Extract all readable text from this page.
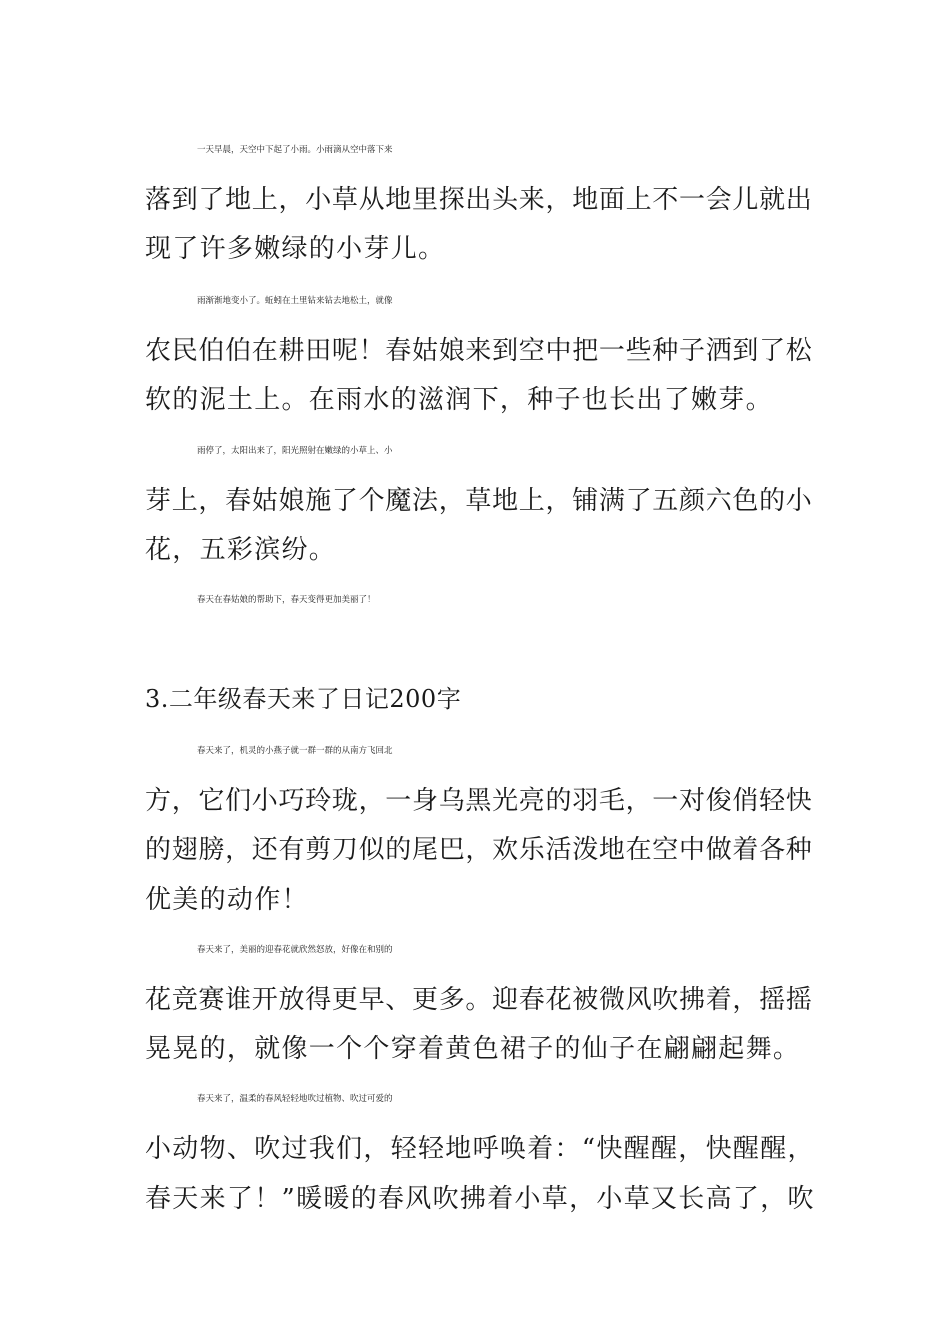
一天早晨，天空中下起了小雨。小雨滴从空中落下来
落到了地上，小草从地里探出头来，地面上不一会儿就出
现了许多嫩绿的小芽儿。
雨渐渐地变小了。蚯蚓在土里钻来钻去地松土，就像
农民伯伯在耕田呢！春姑娘来到空中把一些种子洒到了松
软的泥土上。在雨水的滋润下，种子也长出了嫩芽。
雨停了，太阳出来了，阳光照射在嫩绿的小草上、小
芽上，春姑娘施了个魔法，草地上，铺满了五颜六色的小
花，五彩滨纷。
春天在春姑娘的帮助下，春天变得更加美丽了！
3.二年级春天来了日记200字
春天来了，机灵的小燕子就一群一群的从南方飞回北
方，它们小巧玲珑，一身乌黑光亮的羽毛，一对俊俏轻快
的翅膀，还有剪刀似的尾巴，欢乐活泼地在空中做着各种
优美的动作！
春天来了，美丽的迎春花就欣然怒放，好像在和别的
花竞赛谁开放得更早、更多。迎春花被微风吹拂着，摇摇
晃晃的，就像一个个穿着黄色裙子的仙子在翩翩起舞。
春天来了，温柔的春风轻轻地吹过植物、吹过可爱的
小动物、吹过我们，轻轻地呼唤着：“快醒醒，快醒醒，
春天来了！”暖暖的春风吹拂着小草，小草又长高了，吹
